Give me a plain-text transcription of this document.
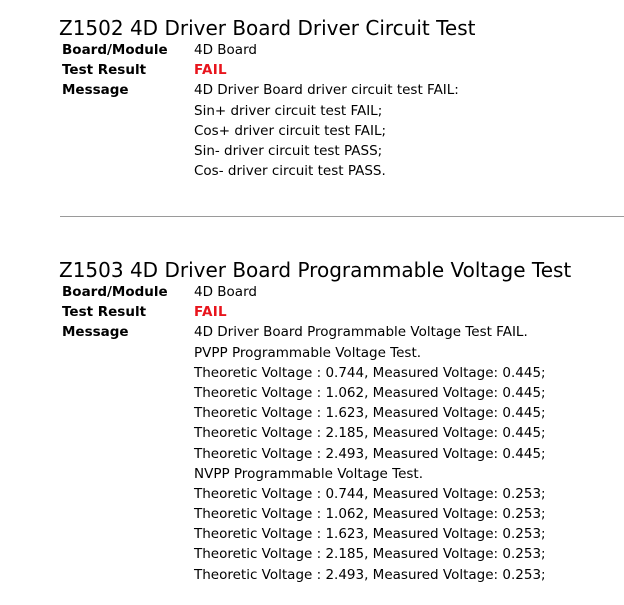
Z1502 4D Driver Board Driver Circuit Test
Board/Module 4D Board
Test Result	FAIL
Message	4D Driver Board driver circuit test FAIL:
Sin+ driver circuit test FAIL;
Cos+ driver circuit test FAIL;
Sin- driver circuit test PASS;
Cos- driver circuit test PASS.
Z1503 4D Driver Board Programmable Voltage Test
Board/Module 4D Board
Test Result	FAIL
Message	4D Driver Board Programmable Voltage Test FAIL.
PVPP Programmable Voltage Test.
Theoretic Voltage : 0.744, Measured Voltage: 0.445;
Theoretic Voltage : 1.062, Measured Voltage: 0.445;
Theoretic Voltage : 1.623, Measured Voltage: 0.445;
Theoretic Voltage : 2.185, Measured Voltage: 0.445;
Theoretic Voltage : 2.493, Measured Voltage: 0.445;
NVPP Programmable Voltage Test.
Theoretic Voltage : 0.744, Measured Voltage: 0.253;
Theoretic Voltage : 1.062, Measured Voltage: 0.253;
Theoretic Voltage : 1.623, Measured Voltage: 0.253;
Theoretic Voltage : 2.185, Measured Voltage: 0.253;
Theoretic Voltage : 2.493, Measured Voltage: 0.253;
